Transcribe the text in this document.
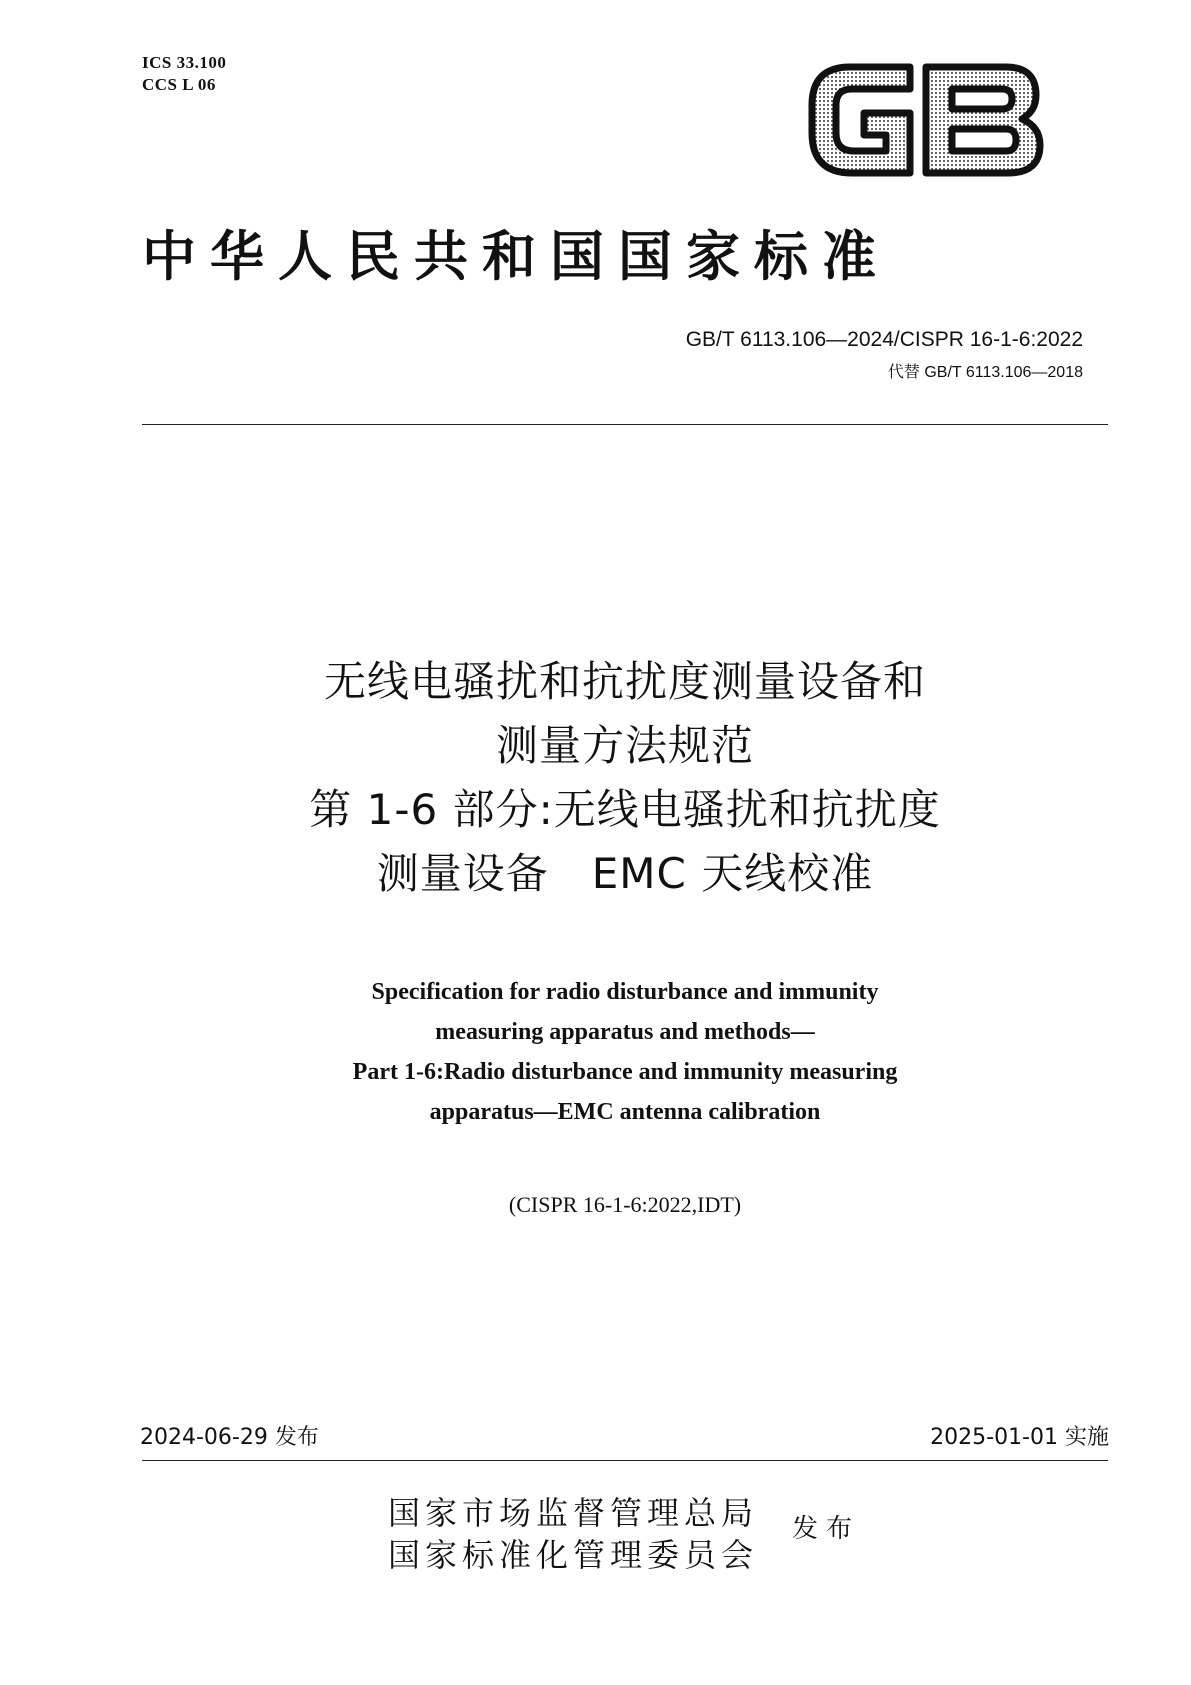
ICS 33.100
CCS L 06
中华人民共和国国家标准
GB/T 6113.106—2024/CISPR 16-1-6:2022
代替 GB/T 6113.106—2018
无线电骚扰和抗扰度测量设备和
测量方法规范
第 1-6 部分:无线电骚扰和抗扰度
测量设备　EMC 天线校准
Specification for radio disturbance and immunity
measuring apparatus and methods—
Part 1-6:Radio disturbance and immunity measuring
apparatus—EMC antenna calibration
(CISPR 16-1-6:2022,IDT)
2024-06-29 发布	2025-01-01 实施
国家市场监督管理总局
国家标准化管理委员会
发布
